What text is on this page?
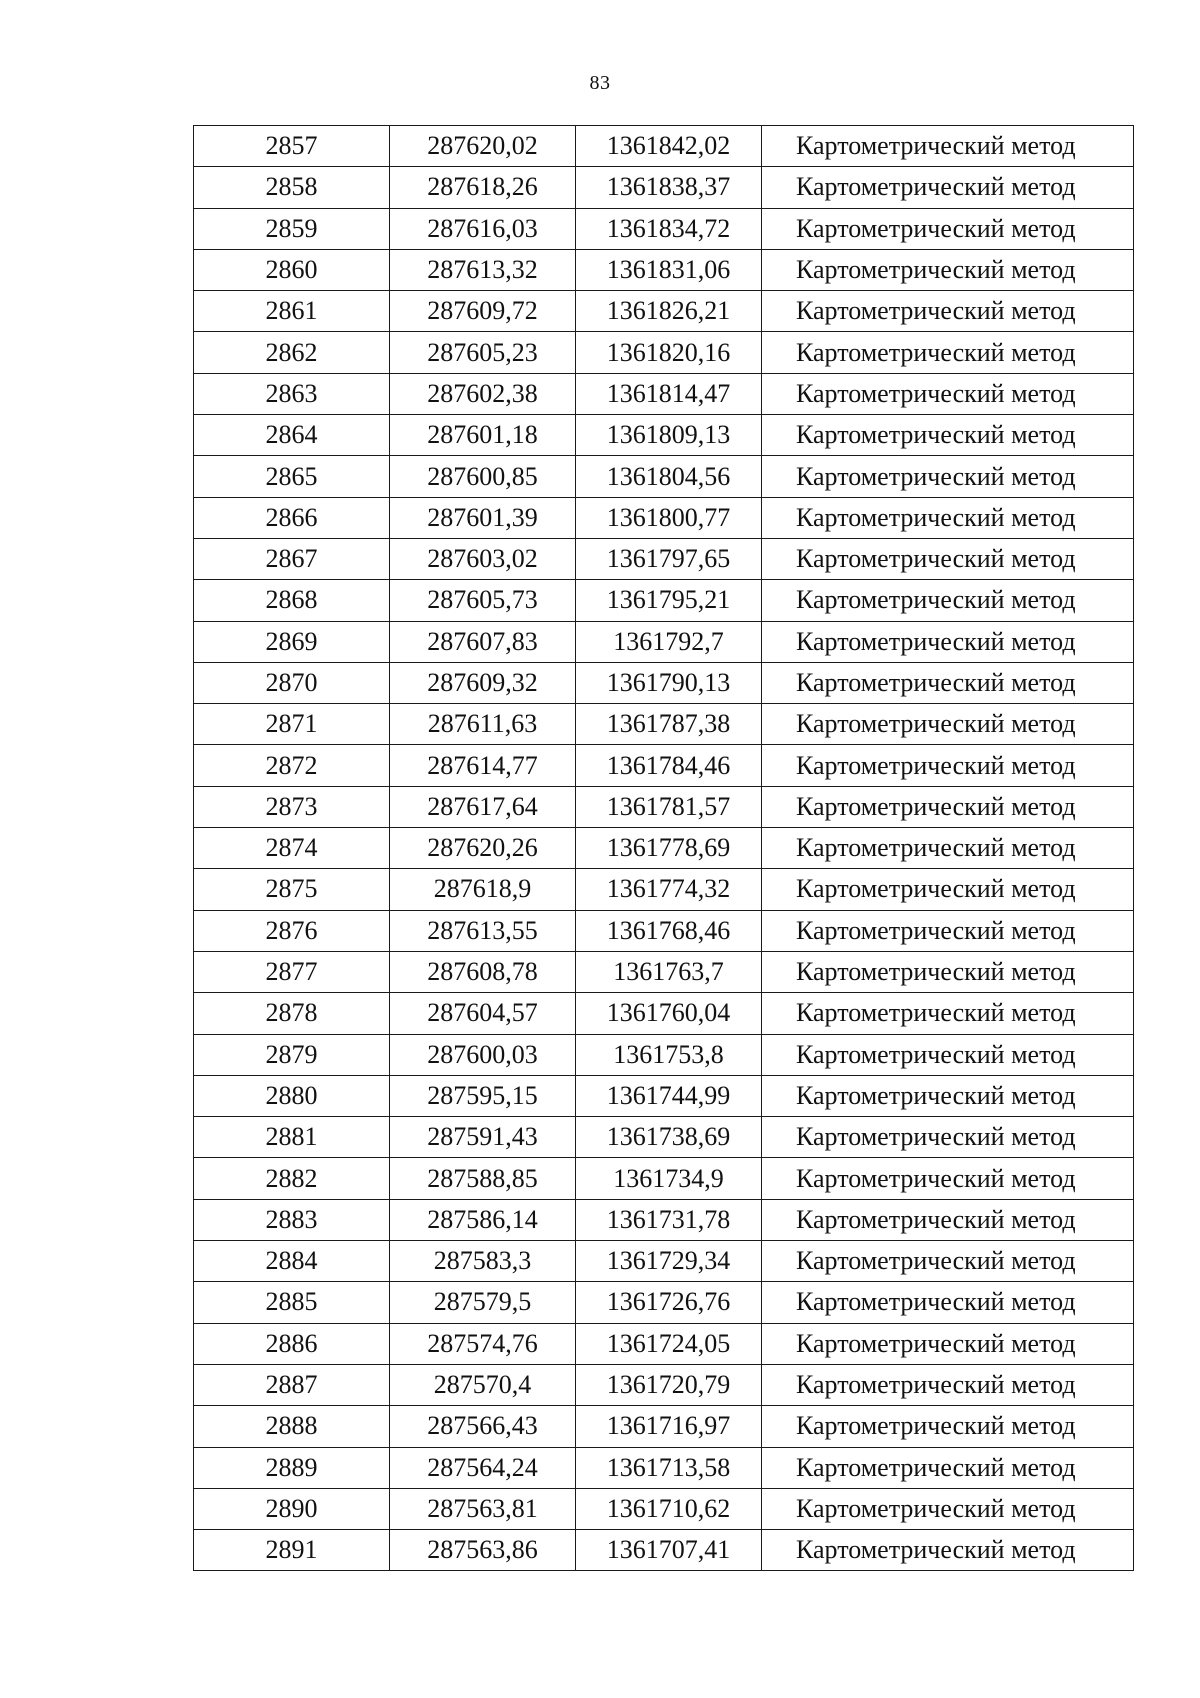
83
2857	287620,02	1361842,02	Картометрический метод
2858	287618,26	1361838,37	Картометрический метод
2859	287616,03	1361834,72	Картометрический метод
2860	287613,32	1361831,06	Картометрический метод
2861	287609,72	1361826,21	Картометрический метод
2862	287605,23	1361820,16	Картометрический метод
2863	287602,38	1361814,47	Картометрический метод
2864	287601,18	1361809,13	Картометрический метод
2865	287600,85	1361804,56	Картометрический метод
2866	287601,39	1361800,77	Картометрический метод
2867	287603,02	1361797,65	Картометрический метод
2868	287605,73	1361795,21	Картометрический метод
2869	287607,83	1361792,7	Картометрический метод
2870	287609,32	1361790,13	Картометрический метод
2871	287611,63	1361787,38	Картометрический метод
2872	287614,77	1361784,46	Картометрический метод
2873	287617,64	1361781,57	Картометрический метод
2874	287620,26	1361778,69	Картометрический метод
2875	287618,9	1361774,32	Картометрический метод
2876	287613,55	1361768,46	Картометрический метод
2877	287608,78	1361763,7	Картометрический метод
2878	287604,57	1361760,04	Картометрический метод
2879	287600,03	1361753,8	Картометрический метод
2880	287595,15	1361744,99	Картометрический метод
2881	287591,43	1361738,69	Картометрический метод
2882	287588,85	1361734,9	Картометрический метод
2883	287586,14	1361731,78	Картометрический метод
2884	287583,3	1361729,34	Картометрический метод
2885	287579,5	1361726,76	Картометрический метод
2886	287574,76	1361724,05	Картометрический метод
2887	287570,4	1361720,79	Картометрический метод
2888	287566,43	1361716,97	Картометрический метод
2889	287564,24	1361713,58	Картометрический метод
2890	287563,81	1361710,62	Картометрический метод
2891	287563,86	1361707,41	Картометрический метод
